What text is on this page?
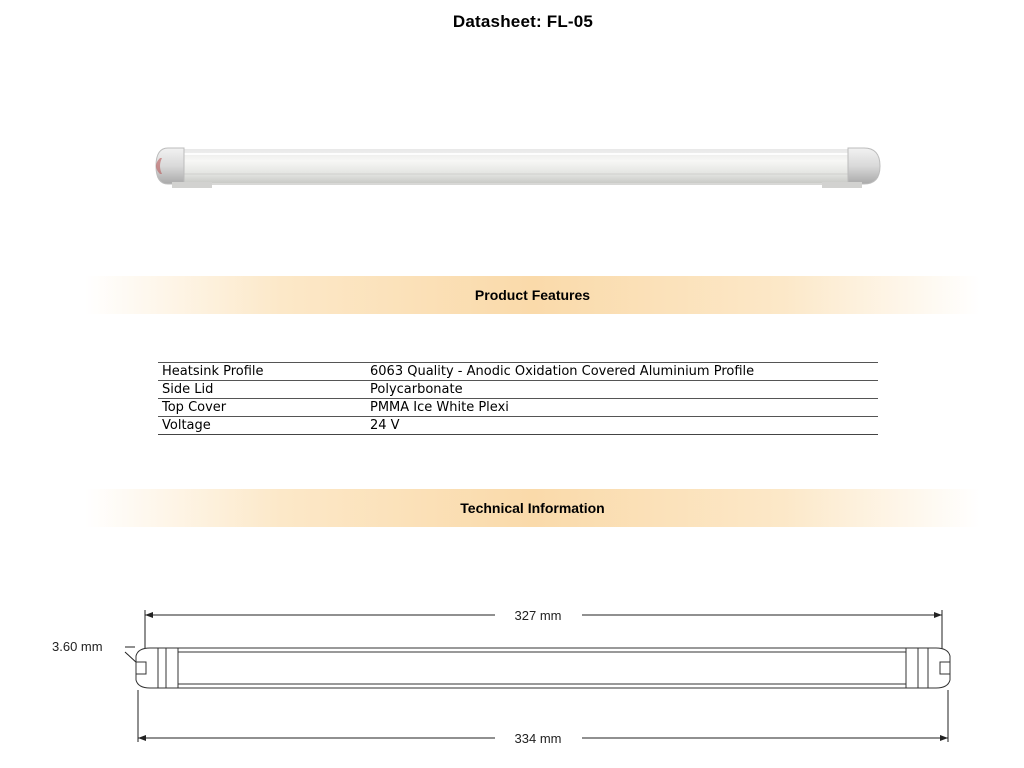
Datasheet: FL-05
Product Features
Heatsink Profile	6063 Quality - Anodic Oxidation Covered Aluminium Profile
Side Lid	Polycarbonate
Top Cover	PMMA Ice White Plexi
Voltage	24 V
Technical Information
327 mm
334 mm
3.60 mm
